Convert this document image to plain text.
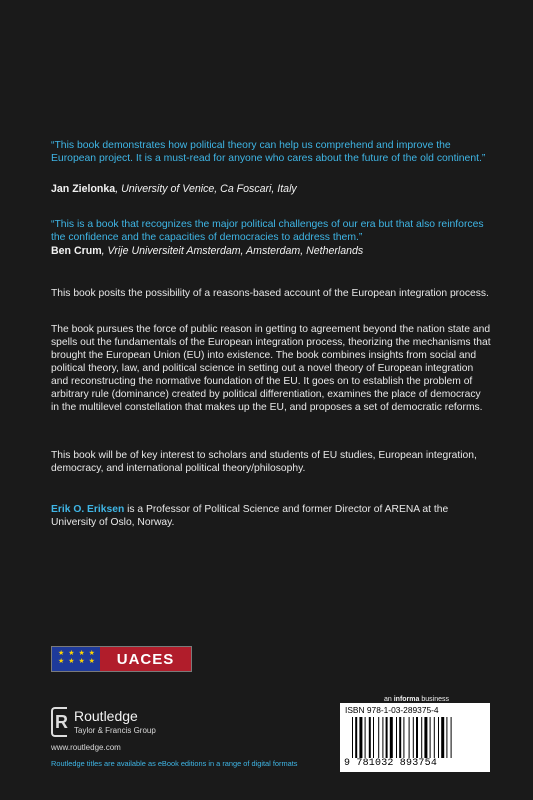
“This book demonstrates how political theory can help us comprehend and improve the European project. It is a must-read for anyone who cares about the future of the old continent.”
Jan Zielonka, University of Venice, Ca Foscari, Italy
“This is a book that recognizes the major political challenges of our era but that also reinforces the confidence and the capacities of democracies to address them.”
Ben Crum, Vrije Universiteit Amsterdam, Amsterdam, Netherlands
This book posits the possibility of a reasons-based account of the European integration process.
The book pursues the force of public reason in getting to agreement beyond the nation state and spells out the fundamentals of the European integration process, theorizing the mechanisms that brought the European Union (EU) into existence. The book combines insights from social and political theory, law, and political science in setting out a novel theory of European integration and reconstructing the normative foundation of the EU. It goes on to establish the problem of arbitrary rule (dominance) created by political differentiation, examines the place of democracy in the multilevel constellation that makes up the EU, and proposes a set of democratic reforms.
This book will be of key interest to scholars and students of EU studies, European integration, democracy, and international political theory/philosophy.
Erik O. Eriksen is a Professor of Political Science and former Director of ARENA at the University of Oslo, Norway.
★ ★ ★ ★
★ ★ ★ ★	UACES
R Routledge
Taylor & Francis Group
www.routledge.com
Routledge titles are available as eBook editions in a range of digital formats
an informa business
ISBN 978-1-03-289375-4
9 781032 893754
